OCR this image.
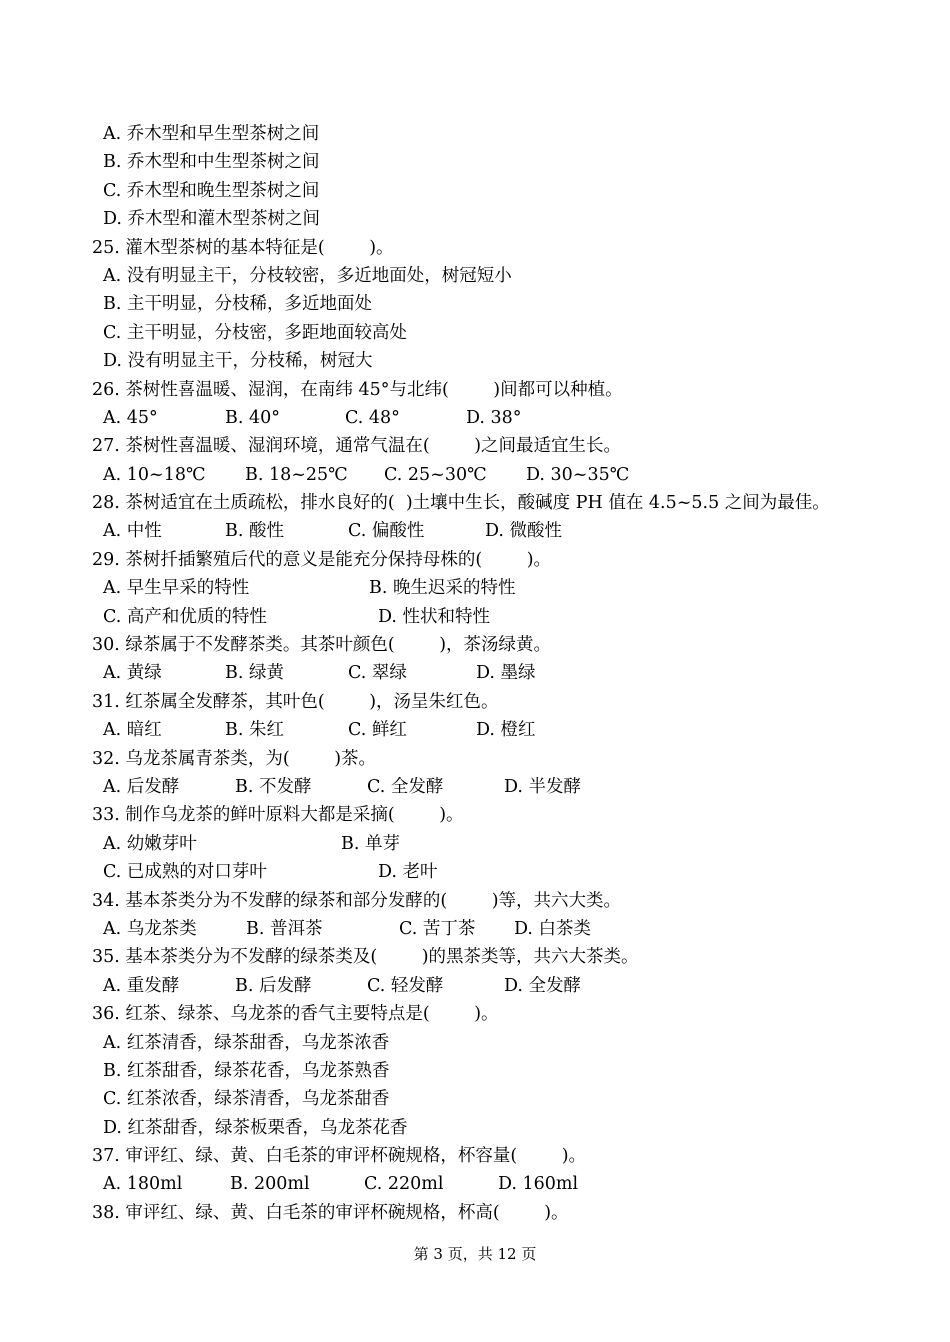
A. 乔木型和早生型茶树之间
B. 乔木型和中生型茶树之间
C. 乔木型和晚生型茶树之间
D. 乔木型和灌木型茶树之间
25. 灌木型茶树的基本特征是(        )。
A. 没有明显主干，分枝较密，多近地面处，树冠短小
B. 主干明显，分枝稀，多近地面处
C. 主干明显，分枝密，多距地面较高处
D. 没有明显主干，分枝稀，树冠大
26. 茶树性喜温暖、湿润，在南纬 45°与北纬(        )间都可以种植。
A. 45°	B. 40°	C. 48°	D. 38°
27. 茶树性喜温暖、湿润环境，通常气温在(        )之间最适宜生长。
A. 10~18℃	B. 18~25℃	C. 25~30℃	D. 30~35℃
28. 茶树适宜在土质疏松，排水良好的(  )土壤中生长，酸碱度 PH 值在 4.5~5.5 之间为最佳。
A. 中性	B. 酸性	C. 偏酸性	D. 微酸性
29. 茶树扦插繁殖后代的意义是能充分保持母株的(        )。
A. 早生早采的特性	B. 晚生迟采的特性
C. 高产和优质的特性	D. 性状和特性
30. 绿茶属于不发酵茶类。其茶叶颜色(        )，茶汤绿黄。
A. 黄绿	B. 绿黄	C. 翠绿	D. 墨绿
31. 红茶属全发酵茶，其叶色(        )，汤呈朱红色。
A. 暗红	B. 朱红	C. 鲜红	D. 橙红
32. 乌龙茶属青茶类，为(        )茶。
A. 后发酵	B. 不发酵	C. 全发酵	D. 半发酵
33. 制作乌龙茶的鲜叶原料大都是采摘(        )。
A. 幼嫩芽叶	B. 单芽
C. 已成熟的对口芽叶	D. 老叶
34. 基本茶类分为不发酵的绿茶和部分发酵的(        )等，共六大类。
A. 乌龙茶类	B. 普洱茶	C. 苦丁茶	D. 白茶类
35. 基本茶类分为不发酵的绿茶类及(        )的黑茶类等，共六大茶类。
A. 重发酵	B. 后发酵	C. 轻发酵	D. 全发酵
36. 红茶、绿茶、乌龙茶的香气主要特点是(        )。
A. 红茶清香，绿茶甜香，乌龙茶浓香
B. 红茶甜香，绿茶花香，乌龙茶熟香
C. 红茶浓香，绿茶清香，乌龙茶甜香
D. 红茶甜香，绿茶板栗香，乌龙茶花香
37. 审评红、绿、黄、白毛茶的审评杯碗规格，杯容量(        )。
A. 180ml	B. 200ml	C. 220ml	D. 160ml
38. 审评红、绿、黄、白毛茶的审评杯碗规格，杯高(        )。
第 3 页，共 12 页
